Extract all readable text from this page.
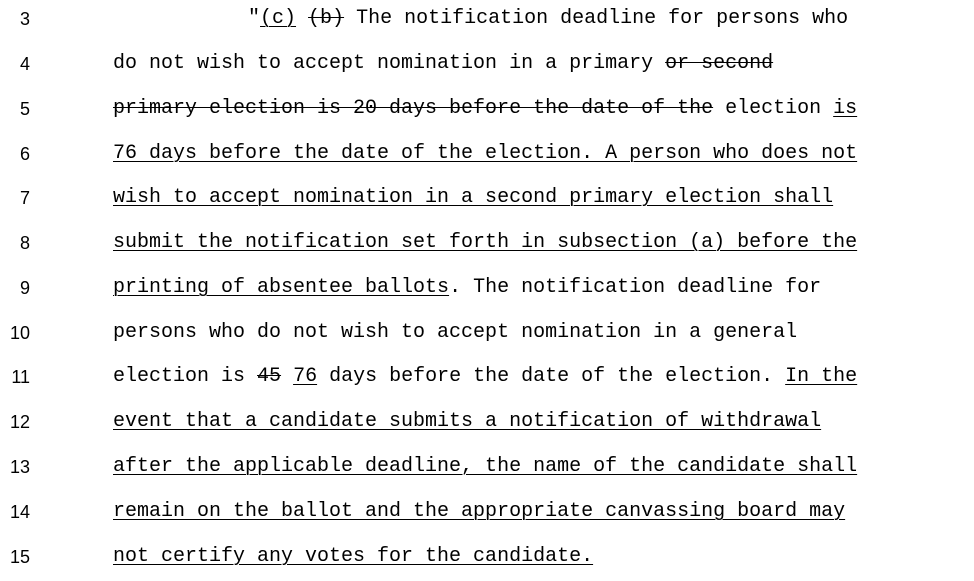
3	"(c) (b) The notification deadline for persons who
4	do not wish to accept nomination in a primary or second
5	primary election is 20 days before the date of the election is
6	76 days before the date of the election. A person who does not
7	wish to accept nomination in a second primary election shall
8	submit the notification set forth in subsection (a) before the
9	printing of absentee ballots. The notification deadline for
10	persons who do not wish to accept nomination in a general
11	election is 45 76 days before the date of the election. In the
12	event that a candidate submits a notification of withdrawal
13	after the applicable deadline, the name of the candidate shall
14	remain on the ballot and the appropriate canvassing board may
15	not certify any votes for the candidate.
